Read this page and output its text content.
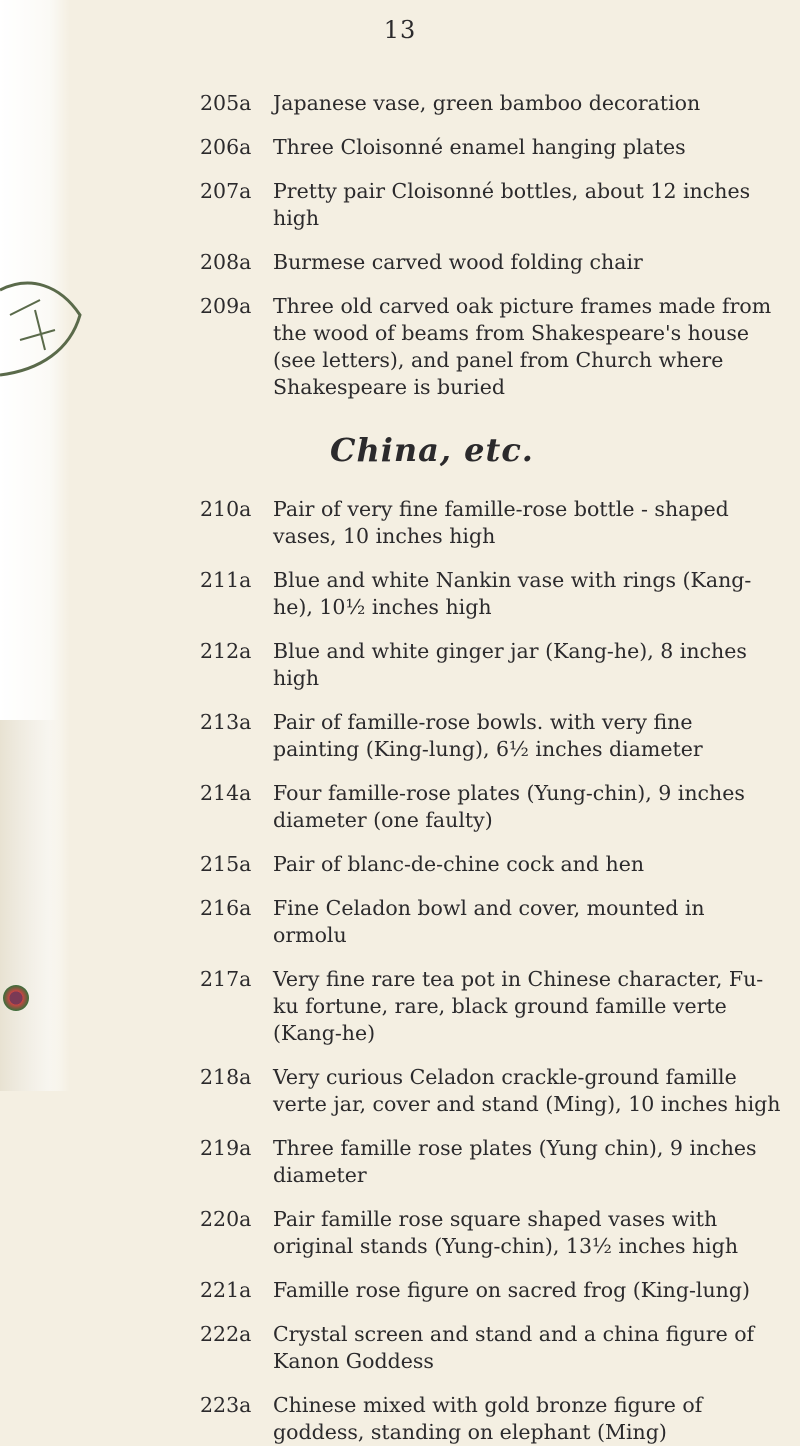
13
205a	Japanese vase, green bamboo decoration
206a	Three Cloisonné enamel hanging plates
207a	Pretty pair Cloisonné bottles, about 12 inches high
208a	Burmese carved wood folding chair
209a	Three old carved oak picture frames made from the wood of beams from Shakespeare's house (see letters), and panel from Church where Shakespeare is buried
China, etc.
210a	Pair of very fine famille-rose bottle - shaped vases, 10 inches high
211a	Blue and white Nankin vase with rings (Kang-he), 10½ inches high
212a	Blue and white ginger jar (Kang-he), 8 inches high
213a	Pair of famille-rose bowls. with very fine painting (King-lung), 6½ inches diameter
214a	Four famille-rose plates (Yung-chin), 9 inches diameter (one faulty)
215a	Pair of blanc-de-chine cock and hen
216a	Fine Celadon bowl and cover, mounted in ormolu
217a	Very fine rare tea pot in Chinese character, Fu-ku fortune, rare, black ground famille verte (Kang-he)
218a	Very curious Celadon crackle-ground famille verte jar, cover and stand (Ming), 10 inches high
219a	Three famille rose plates (Yung chin), 9 inches diameter
220a	Pair famille rose square shaped vases with original stands (Yung-chin), 13½ inches high
221a	Famille rose figure on sacred frog (King-lung)
222a	Crystal screen and stand and a china figure of Kanon Goddess
223a	Chinese mixed with gold bronze figure of goddess, standing on elephant (Ming)
